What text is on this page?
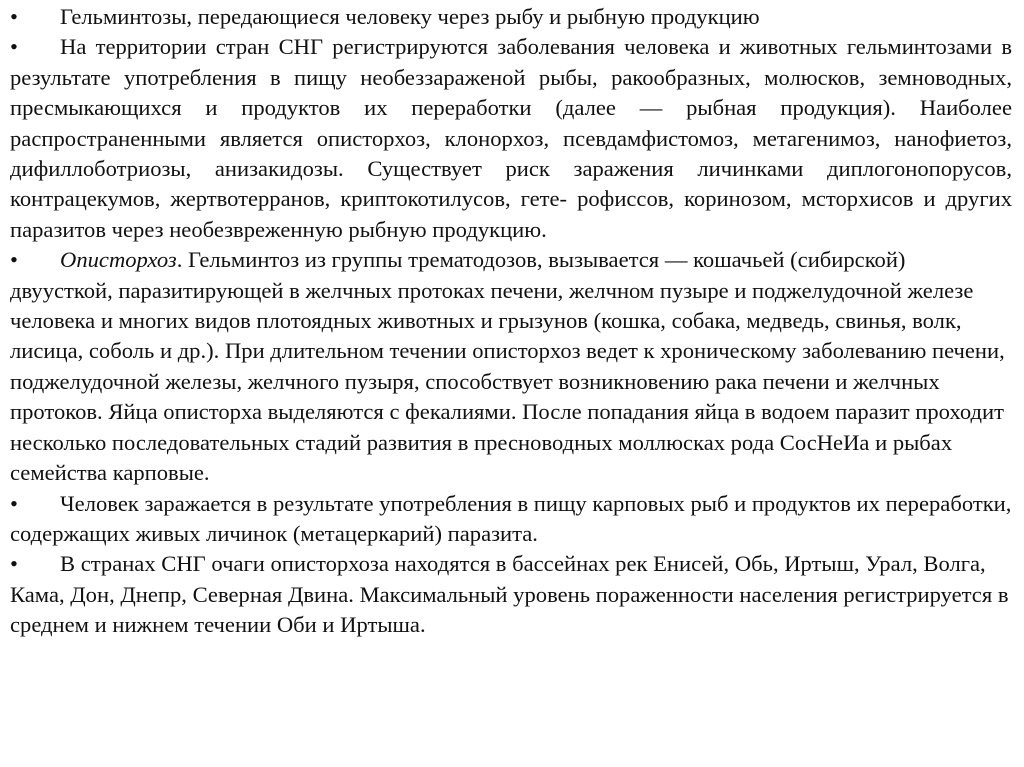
• Гельминтозы, передающиеся человеку через рыбу и рыбную продукцию

• На территории стран СНГ регистрируются заболевания человека и животных гельминтозами в результате употребления в пищу необеззараженой рыбы, ракообразных, молюсков, земноводных, пресмыкающихся и продуктов их переработки (далее — рыбная продукция). Наиболее распространенными является описторхоз, клонорхоз, псевдамфистомоз, метагенимоз, нанофиетоз, дифиллоботриозы, анизакидозы. Существует риск заражения личинками диплогонопорусов, контрацекумов, жертвотерранов, криптокотилусов, гете- рофиссов, коринозом, мсторхисов и других паразитов через необезвреженную рыбную продукцию.

• Описторхоз. Гельминтоз из группы трематодозов, вызывается — кошачьей (сибирской) двуусткой, паразитирующей в желчных протоках печени, желчном пузыре и поджелудочной железе человека и многих видов плотоядных животных и грызунов (кошка, собака, медведь, свинья, волк, лисица, соболь и др.). При длительном течении описторхоз ведет к хроническому заболеванию печени, поджелудочной железы, желчного пузыря, способствует возникновению рака печени и желчных протоков. Яйца описторха выделяются с фекалиями. После попадания яйца в водоем паразит проходит несколько последовательных стадий развития в пресноводных моллюсках рода СосНеИа и рыбах семейства карповые.

• Человек заражается в результате употребления в пищу карповых рыб и продуктов их переработки, содержащих живых личинок (метацеркарий) паразита.

• В странах СНГ очаги описторхоза находятся в бассейнах рек Енисей, Обь, Иртыш, Урал, Волга, Кама, Дон, Днепр, Северная Двина. Максимальный уровень пораженности населения регистрируется в среднем и нижнем течении Оби и Иртыша.
